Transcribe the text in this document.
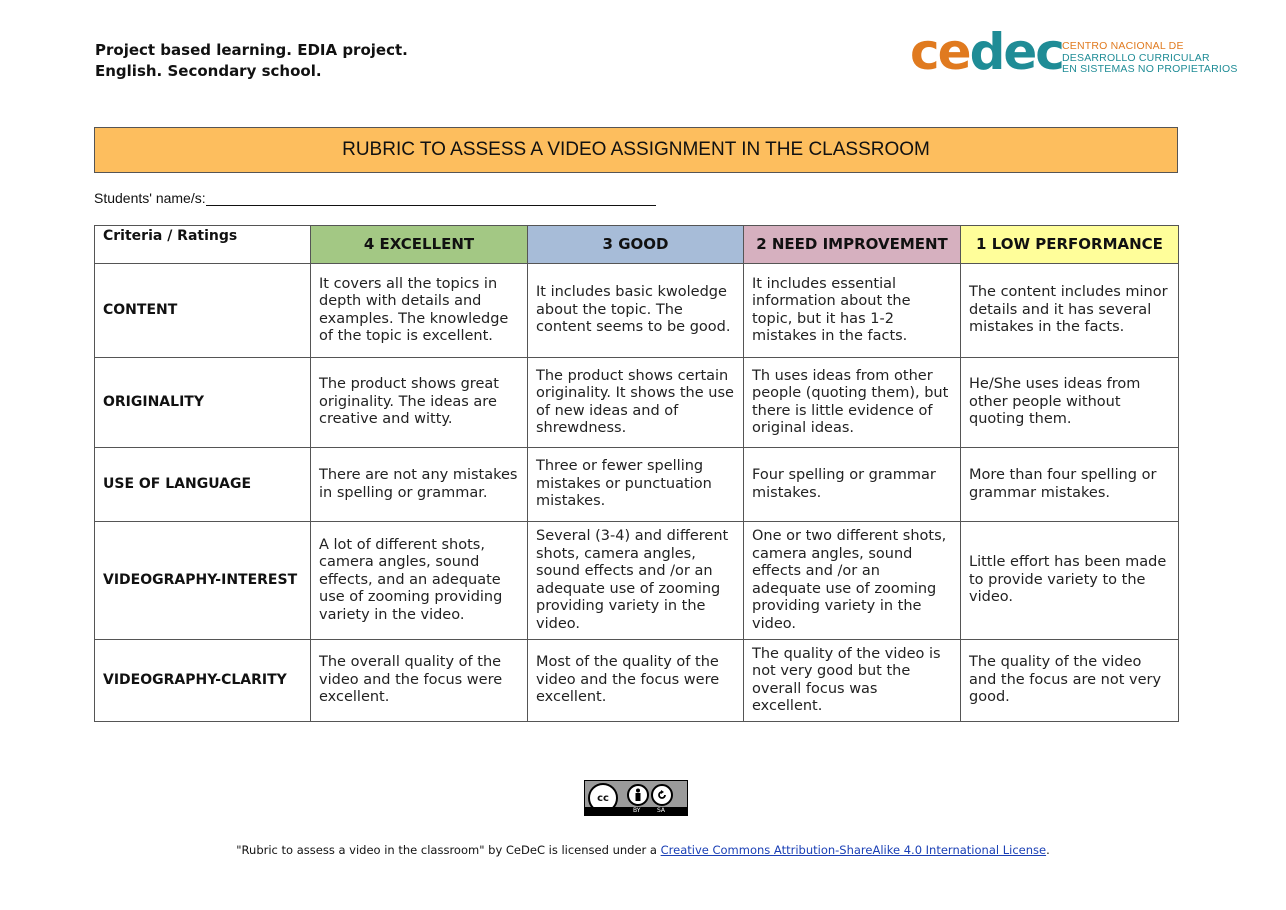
Project based learning. EDIA project.
English. Secondary school.	cedec CENTRO NACIONAL DE
DESARROLLO CURRICULAR
EN SISTEMAS NO PROPIETARIOS
RUBRIC TO ASSESS A VIDEO ASSIGNMENT IN THE CLASSROOM
Students' name/s:
Criteria / Ratings	4 EXCELLENT	3 GOOD	2 NEED IMPROVEMENT	1 LOW PERFORMANCE
CONTENT	It covers all the topics in depth with details and examples. The knowledge of the topic is excellent.	It includes basic kwoledge about the topic. The content seems to be good.	It includes essential information about the topic, but it has 1-2 mistakes in the facts.	The content includes minor details and it has several mistakes in the facts.
ORIGINALITY	The product shows great originality. The ideas are creative and witty.	The product shows certain originality. It shows the use of new ideas and of shrewdness.	Th uses ideas from other people (quoting them), but there is little evidence of original ideas.	He/She uses ideas from other people without quoting them.
USE OF LANGUAGE	There are not any mistakes in spelling or grammar.	Three or fewer spelling mistakes or punctuation mistakes.	Four spelling or grammar mistakes.	More than four spelling or grammar mistakes.
VIDEOGRAPHY-INTEREST	A lot of different shots, camera angles, sound effects, and an adequate use of zooming providing variety in the video.	Several (3-4) and different shots, camera angles, sound effects and /or an adequate use of zooming providing variety in the video.	One or two different shots, camera angles, sound effects and /or an adequate use of zooming providing variety in the video.	Little effort has been made to provide variety to the video.
VIDEOGRAPHY-CLARITY	The overall quality of the video and the focus were excellent.	Most of the quality of the video and the focus were excellent.	The quality of the video is not very good but the overall focus was excellent.	The quality of the video and the focus are not very good.
cc
BY	SA
"Rubric to assess a video in the classroom" by CeDeC is licensed under a Creative Commons Attribution-ShareAlike 4.0 International License.
